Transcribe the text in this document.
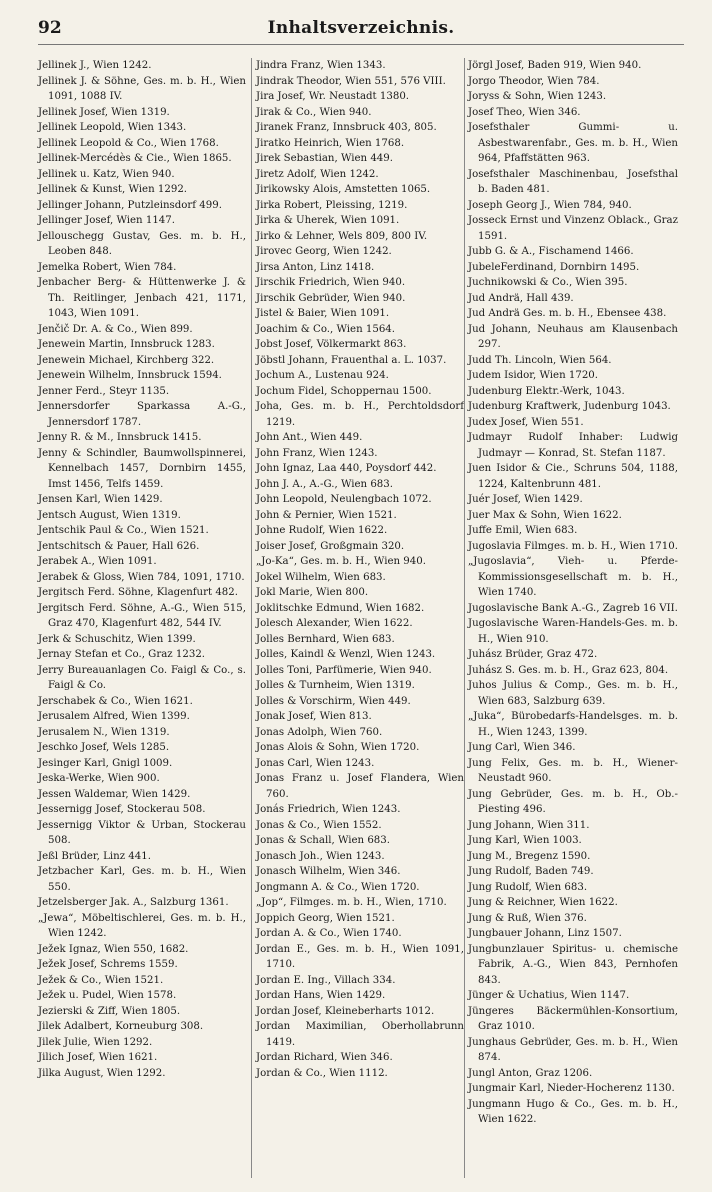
92	Inhaltsverzeichnis.
Jellinek J., Wien 1242.
Jellinek J. & Söhne, Ges. m. b. H., Wien 1091, 1088 IV.
Jellinek Josef, Wien 1319.
Jellinek Leopold, Wien 1343.
Jellinek Leopold & Co., Wien 1768.
Jellinek-Mercédès & Cie., Wien 1865.
Jellinek u. Katz, Wien 940.
Jellinek & Kunst, Wien 1292.
Jellinger Johann, Putzleinsdorf 499.
Jellinger Josef, Wien 1147.
Jellouschegg Gustav, Ges. m. b. H., Leoben 848.
Jemelka Robert, Wien 784.
Jenbacher Berg- & Hüttenwerke J. & Th. Reitlinger, Jenbach 421, 1171, 1043, Wien 1091.
Jenčič Dr. A. & Co., Wien 899.
Jenewein Martin, Innsbruck 1283.
Jenewein Michael, Kirchberg 322.
Jenewein Wilhelm, Innsbruck 1594.
Jenner Ferd., Steyr 1135.
Jennersdorfer Sparkassa A.-G., Jennersdorf 1787.
Jenny R. & M., Innsbruck 1415.
Jenny & Schindler, Baumwollspinnerei, Kennelbach 1457, Dornbirn 1455, Imst 1456, Telfs 1459.
Jensen Karl, Wien 1429.
Jentsch August, Wien 1319.
Jentschik Paul & Co., Wien 1521.
Jentschitsch & Pauer, Hall 626.
Jerabek A., Wien 1091.
Jerabek & Gloss, Wien 784, 1091, 1710.
Jergitsch Ferd. Söhne, Klagenfurt 482.
Jergitsch Ferd. Söhne, A.-G., Wien 515, Graz 470, Klagenfurt 482, 544 IV.
Jerk & Schuschitz, Wien 1399.
Jernay Stefan et Co., Graz 1232.
Jerry Bureauanlagen Co. Faigl & Co., s. Faigl & Co.
Jerschabek & Co., Wien 1621.
Jerusalem Alfred, Wien 1399.
Jerusalem N., Wien 1319.
Jeschko Josef, Wels 1285.
Jesinger Karl, Gnigl 1009.
Jeska-Werke, Wien 900.
Jessen Waldemar, Wien 1429.
Jessernigg Josef, Stockerau 508.
Jessernigg Viktor & Urban, Stockerau 508.
Jeßl Brüder, Linz 441.
Jetzbacher Karl, Ges. m. b. H., Wien 550.
Jetzelsberger Jak. A., Salzburg 1361.
„Jewa“, Möbeltischlerei, Ges. m. b. H., Wien 1242.
Ježek Ignaz, Wien 550, 1682.
Ježek Josef, Schrems 1559.
Ježek & Co., Wien 1521.
Ježek u. Pudel, Wien 1578.
Jezierski & Ziff, Wien 1805.
Jilek Adalbert, Korneuburg 308.
Jilek Julie, Wien 1292.
Jilich Josef, Wien 1621.
Jilka August, Wien 1292.
Jindra Franz, Wien 1343.
Jindrak Theodor, Wien 551, 576 VIII.
Jira Josef, Wr. Neustadt 1380.
Jirak & Co., Wien 940.
Jiranek Franz, Innsbruck 403, 805.
Jiratko Heinrich, Wien 1768.
Jirek Sebastian, Wien 449.
Jiretz Adolf, Wien 1242.
Jirikowsky Alois, Amstetten 1065.
Jirka Robert, Pleissing, 1219.
Jirka & Uherek, Wien 1091.
Jirko & Lehner, Wels 809, 800 IV.
Jirovec Georg, Wien 1242.
Jirsa Anton, Linz 1418.
Jirschik Friedrich, Wien 940.
Jirschik Gebrüder, Wien 940.
Jistel & Baier, Wien 1091.
Joachim & Co., Wien 1564.
Jobst Josef, Völkermarkt 863.
Jöbstl Johann, Frauenthal a. L. 1037.
Jochum A., Lustenau 924.
Jochum Fidel, Schoppernau 1500.
Joha, Ges. m. b. H., Perchtoldsdorf 1219.
John Ant., Wien 449.
John Franz, Wien 1243.
John Ignaz, Laa 440, Poysdorf 442.
John J. A., A.-G., Wien 683.
John Leopold, Neulengbach 1072.
John & Pernier, Wien 1521.
Johne Rudolf, Wien 1622.
Joiser Josef, Großgmain 320.
„Jo-Ka“, Ges. m. b. H., Wien 940.
Jokel Wilhelm, Wien 683.
Jokl Marie, Wien 800.
Joklitschke Edmund, Wien 1682.
Jolesch Alexander, Wien 1622.
Jolles Bernhard, Wien 683.
Jolles, Kaindl & Wenzl, Wien 1243.
Jolles Toni, Parfümerie, Wien 940.
Jolles & Turnheim, Wien 1319.
Jolles & Vorschirm, Wien 449.
Jonak Josef, Wien 813.
Jonas Adolph, Wien 760.
Jonas Alois & Sohn, Wien 1720.
Jonas Carl, Wien 1243.
Jonas Franz u. Josef Flandera, Wien 760.
Jonás Friedrich, Wien 1243.
Jonas & Co., Wien 1552.
Jonas & Schall, Wien 683.
Jonasch Joh., Wien 1243.
Jonasch Wilhelm, Wien 346.
Jongmann A. & Co., Wien 1720.
„Jop“, Filmges. m. b. H., Wien, 1710.
Joppich Georg, Wien 1521.
Jordan A. & Co., Wien 1740.
Jordan E., Ges. m. b. H., Wien 1091, 1710.
Jordan E. Ing., Villach 334.
Jordan Hans, Wien 1429.
Jordan Josef, Kleineberharts 1012.
Jordan Maximilian, Oberhollabrunn 1419.
Jordan Richard, Wien 346.
Jordan & Co., Wien 1112.
Jörgl Josef, Baden 919, Wien 940.
Jorgo Theodor, Wien 784.
Joryss & Sohn, Wien 1243.
Josef Theo, Wien 346.
Josefsthaler Gummi- u. Asbestwarenfabr., Ges. m. b. H., Wien 964, Pfaffstätten 963.
Josefsthaler Maschinenbau, Josefsthal b. Baden 481.
Joseph Georg J., Wien 784, 940.
Josseck Ernst und Vinzenz Oblack., Graz 1591.
Jubb G. & A., Fischamend 1466.
JubeleFerdinand, Dornbirn 1495.
Juchnikowski & Co., Wien 395.
Jud Andrä, Hall 439.
Jud Andrä Ges. m. b. H., Ebensee 438.
Jud Johann, Neuhaus am Klausenbach 297.
Judd Th. Lincoln, Wien 564.
Judem Isidor, Wien 1720.
Judenburg Elektr.-Werk, 1043.
Judenburg Kraftwerk, Judenburg 1043.
Judex Josef, Wien 551.
Judmayr Rudolf Inhaber: Ludwig Judmayr — Konrad, St. Stefan 1187.
Juen Isidor & Cie., Schruns 504, 1188, 1224, Kaltenbrunn 481.
Juér Josef, Wien 1429.
Juer Max & Sohn, Wien 1622.
Juffe Emil, Wien 683.
Jugoslavia Filmges. m. b. H., Wien 1710.
„Jugoslavia“, Vieh- u. Pferde-Kommissionsgesellschaft m. b. H., Wien 1740.
Jugoslavische Bank A.-G., Zagreb 16 VII.
Jugoslavische Waren-Handels-Ges. m. b. H., Wien 910.
Juhász Brüder, Graz 472.
Juhász S. Ges. m. b. H., Graz 623, 804.
Juhos Julius & Comp., Ges. m. b. H., Wien 683, Salzburg 639.
„Juka“, Bürobedarfs-Handelsges. m. b. H., Wien 1243, 1399.
Jung Carl, Wien 346.
Jung Felix, Ges. m. b. H., Wiener-Neustadt 960.
Jung Gebrüder, Ges. m. b. H., Ob.-Piesting 496.
Jung Johann, Wien 311.
Jung Karl, Wien 1003.
Jung M., Bregenz 1590.
Jung Rudolf, Baden 749.
Jung Rudolf, Wien 683.
Jung & Reichner, Wien 1622.
Jung & Ruß, Wien 376.
Jungbauer Johann, Linz 1507.
Jungbunzlauer Spiritus- u. chemische Fabrik, A.-G., Wien 843, Pernhofen 843.
Jünger & Uchatius, Wien 1147.
Jüngeres Bäckermühlen-Konsortium, Graz 1010.
Junghaus Gebrüder, Ges. m. b. H., Wien 874.
Jungl Anton, Graz 1206.
Jungmair Karl, Nieder-Hocherenz 1130.
Jungmann Hugo & Co., Ges. m. b. H., Wien 1622.
